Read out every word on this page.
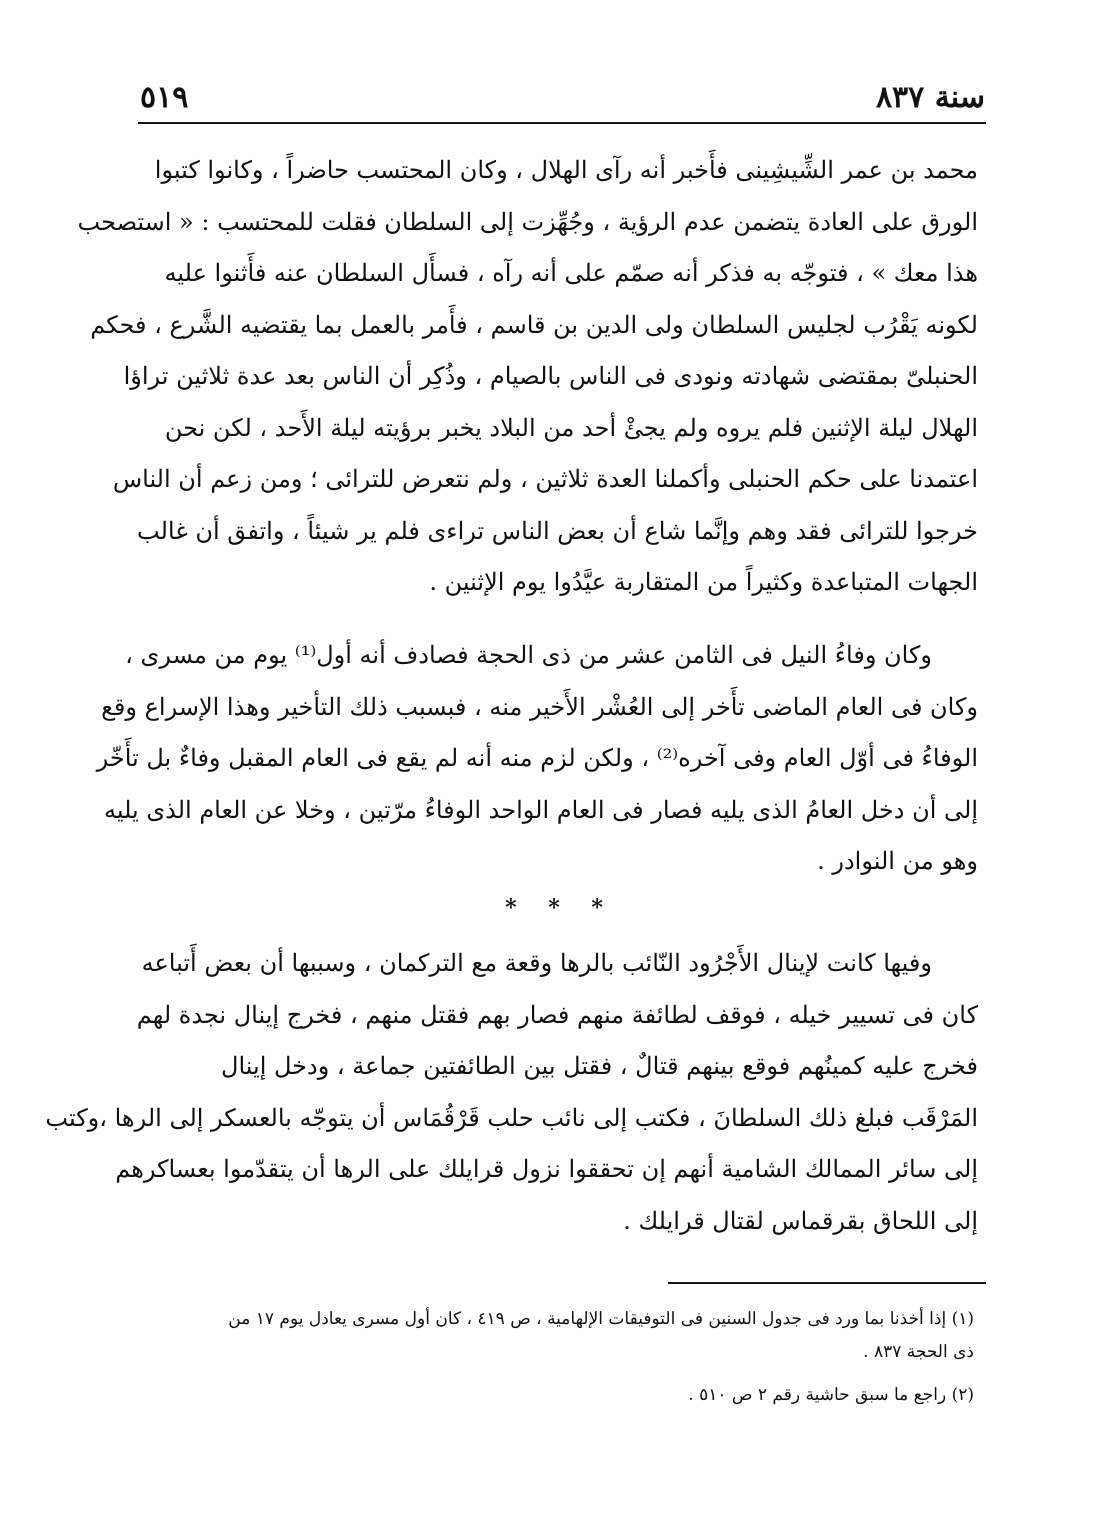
سنة ٨٣٧
٥١٩
محمد بن عمر الشِّيشِينى فأَخبر أنه رآى الهلال ، وكان المحتسب حاضراً ، وكانوا كتبوا
الورق على العادة يتضمن عدم الرؤية ، وجُهِّزت إلى السلطان فقلت للمحتسب : « استصحب
هذا معك » ، فتوجّه به فذكر أنه صمّم على أنه رآه ، فسأَل السلطان عنه فأَثنوا عليه
لكونه يَقْرُب لجليس السلطان ولى الدين بن قاسم ، فأَمر بالعمل بما يقتضيه الشَّرع ، فحكم
الحنبلىّ بمقتضى شهادته ونودى فى الناس بالصيام ، وذُكِر أن الناس بعد عدة ثلاثين تراؤا
الهلال ليلة الإثنين فلم يروه ولم يجئْ أحد من البلاد يخبر برؤيته ليلة الأَحد ، لكن نحن
اعتمدنا على حكم الحنبلى وأكملنا العدة ثلاثين ، ولم نتعرض للترائى ؛ ومن زعم أن الناس
خرجوا للترائى فقد وهم وإنَّما شاع أن بعض الناس تراءى فلم ير شيئاً ، واتفق أن غالب
الجهات المتباعدة وكثيراً من المتقاربة عيَّدُوا يوم الإثنين .
وكان وفاءُ النيل فى الثامن عشر من ذى الحجة فصادف أنه أول⁽¹⁾ يوم من مسرى ،
وكان فى العام الماضى تأَخر إلى العُشْر الأَخير منه ، فبسبب ذلك التأخير وهذا الإسراع وقع
الوفاءُ فى أوّل العام وفى آخره⁽²⁾ ، ولكن لزم منه أنه لم يقع فى العام المقبل وفاءٌ بل تأَخّر
إلى أن دخل العامُ الذى يليه فصار فى العام الواحد الوفاءُ مرّتين ، وخلا عن العام الذى يليه
وهو من النوادر .
* * *
وفيها كانت لإينال الأَجْرُود النّائب بالرها وقعة مع التركمان ، وسببها أن بعض أَتباعه
كان فى تسيير خيله ، فوقف لطائفة منهم فصار بهم فقتل منهم ، فخرج إينال نجدة لهم
فخرج عليه كمينُهم فوقع بينهم قتالٌ ، فقتل بين الطائفتين جماعة ، ودخل إينال
المَرْقَب فبلغ ذلك السلطانَ ، فكتب إلى نائب حلب قَرْقُمَاس أن يتوجّه بالعسكر إلى الرها ،وكتب
إلى سائر الممالك الشامية أنهم إن تحققوا نزول قرايلك على الرها أن يتقدّموا بعساكرهم
إلى اللحاق بقرقماس لقتال قرايلك .
(١) إذا أخذنا بما ورد فى جدول السنين فى التوفيقات الإلهامية ، ص ٤١٩ ، كان أول مسرى يعادل يوم ١٧ من
ذى الحجة ٨٣٧ .
(٢) راجع ما سبق حاشية رقم ٢ ص ٥١٠ .
